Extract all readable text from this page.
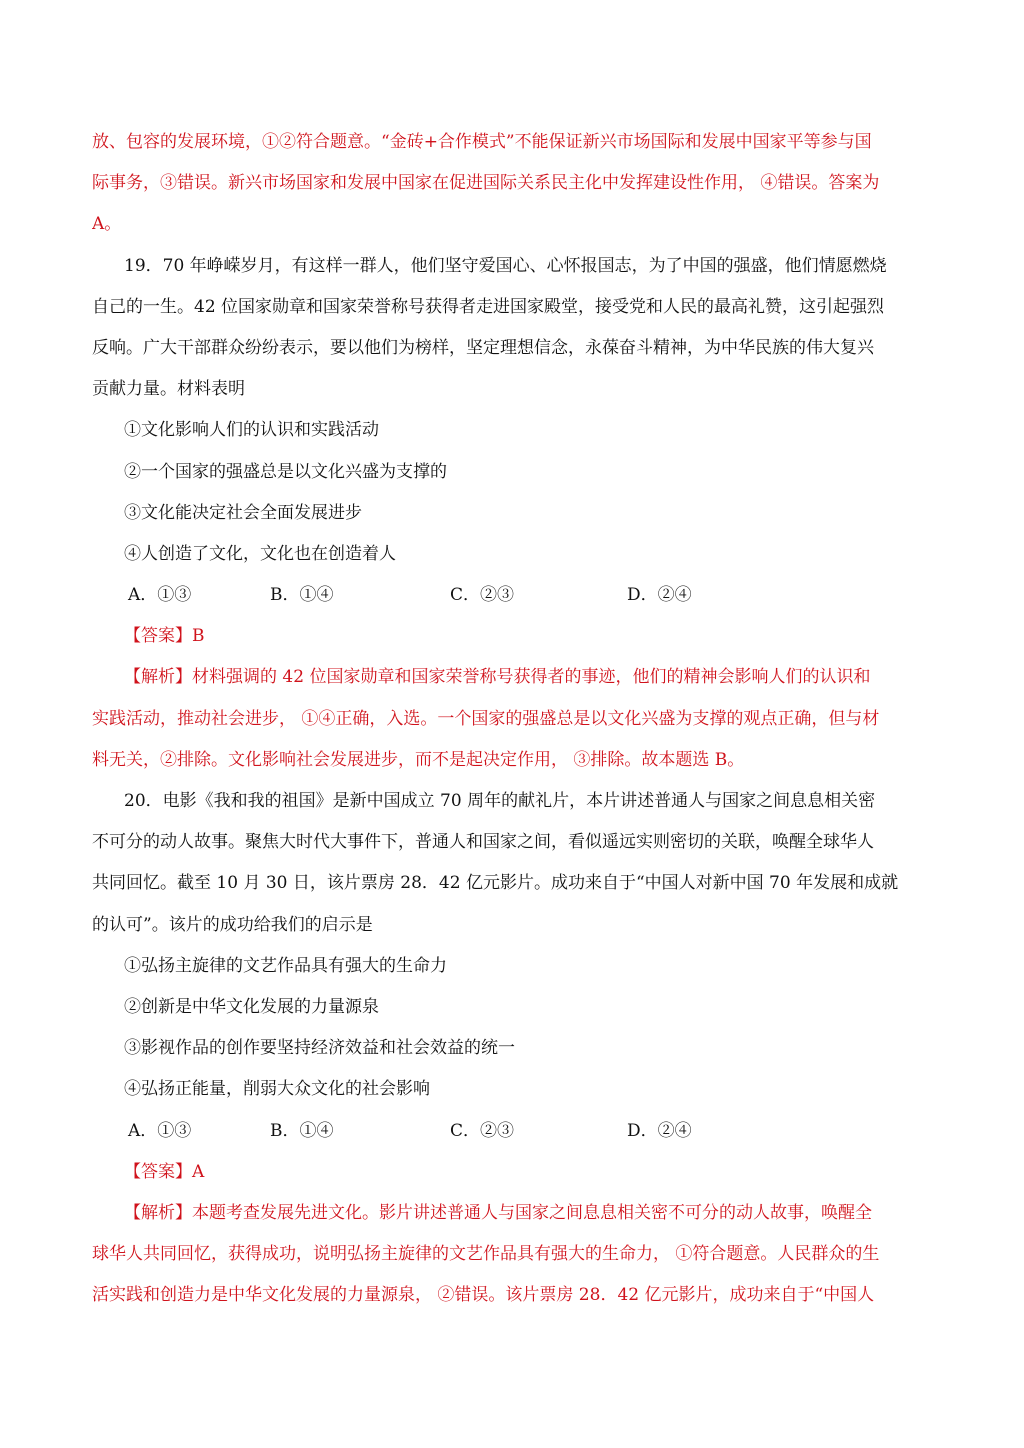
放、包容的发展环境，①②符合题意。“金砖+合作模式”不能保证新兴市场国际和发展中国家平等参与国
际事务，③错误。新兴市场国家和发展中国家在促进国际关系民主化中发挥建设性作用， ④错误。答案为
A。
19．70 年峥嵘岁月，有这样一群人，他们坚守爱国心、心怀报国志，为了中国的强盛，他们情愿燃烧
自己的一生。42 位国家勋章和国家荣誉称号获得者走进国家殿堂，接受党和人民的最高礼赞，这引起强烈
反响。广大干部群众纷纷表示，要以他们为榜样，坚定理想信念，永葆奋斗精神，为中华民族的伟大复兴
贡献力量。材料表明
①文化影响人们的认识和实践活动
②一个国家的强盛总是以文化兴盛为支撑的
③文化能决定社会全面发展进步
④人创造了文化，文化也在创造着人
A．①③	B．①④	C．②③	D．②④
【答案】B
【解析】材料强调的 42 位国家勋章和国家荣誉称号获得者的事迹，他们的精神会影响人们的认识和
实践活动，推动社会进步， ①④正确，入选。一个国家的强盛总是以文化兴盛为支撑的观点正确，但与材
料无关，②排除。文化影响社会发展进步，而不是起决定作用， ③排除。故本题选 B。
20．电影《我和我的祖国》是新中国成立 70 周年的献礼片，本片讲述普通人与国家之间息息相关密
不可分的动人故事。聚焦大时代大事件下，普通人和国家之间，看似遥远实则密切的关联，唤醒全球华人
共同回忆。截至 10 月 30 日，该片票房 28．42 亿元影片。成功来自于“中国人对新中国 70 年发展和成就
的认可”。该片的成功给我们的启示是
①弘扬主旋律的文艺作品具有强大的生命力
②创新是中华文化发展的力量源泉
③影视作品的创作要坚持经济效益和社会效益的统一
④弘扬正能量，削弱大众文化的社会影响
A．①③	B．①④	C．②③	D．②④
【答案】A
【解析】本题考查发展先进文化。影片讲述普通人与国家之间息息相关密不可分的动人故事，唤醒全
球华人共同回忆，获得成功，说明弘扬主旋律的文艺作品具有强大的生命力， ①符合题意。人民群众的生
活实践和创造力是中华文化发展的力量源泉， ②错误。该片票房 28．42 亿元影片，成功来自于“中国人
